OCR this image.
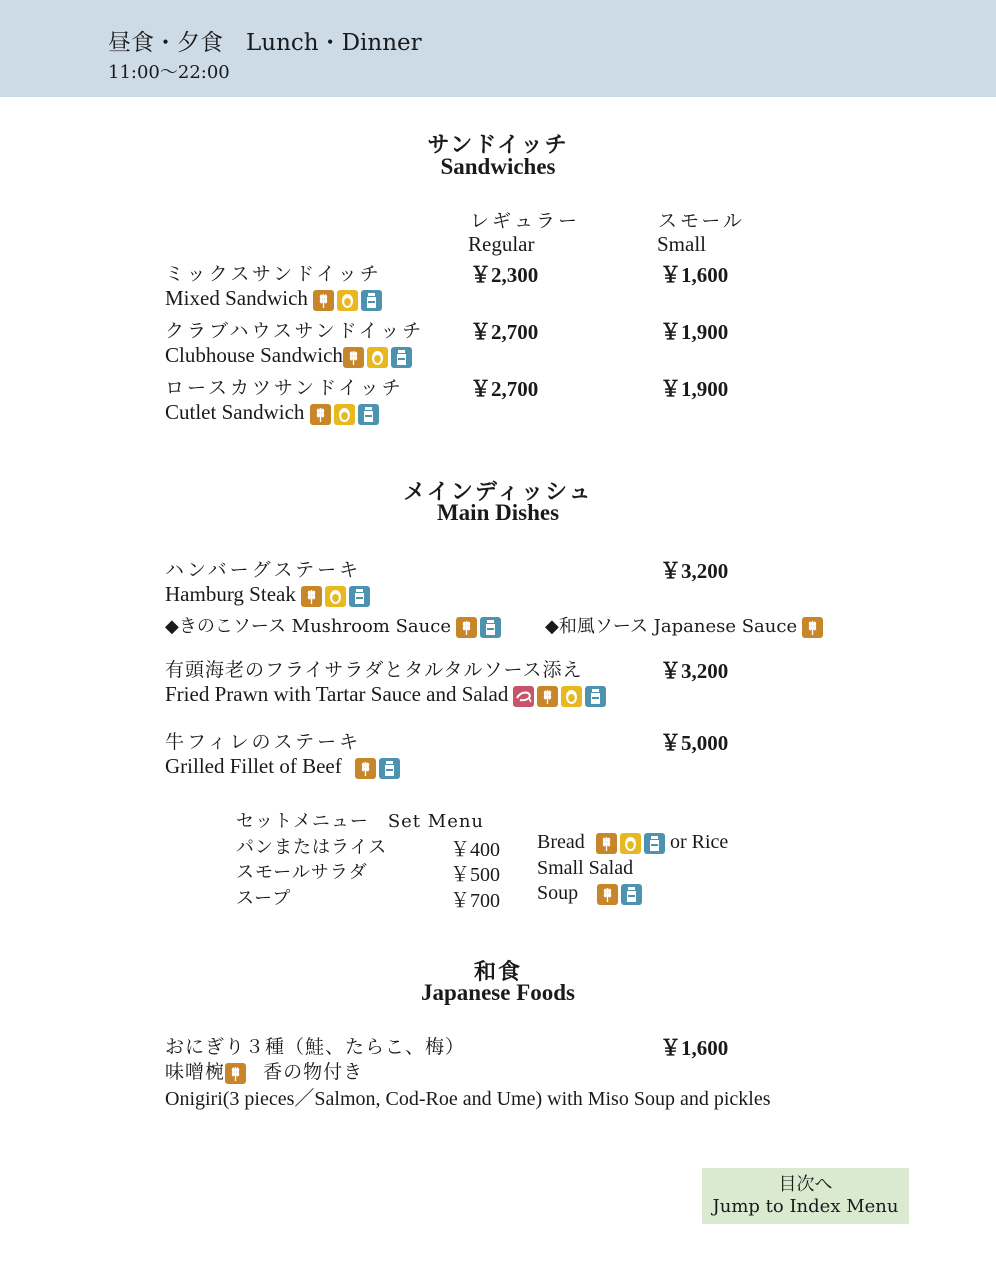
昼食・夕食　Lunch・Dinner
11:00〜22:00
サンドイッチ
Sandwiches
レギュラー
Regular
スモール
Small
ミックスサンドイッチ	￥2,300	￥1,600
Mixed Sandwich
クラブハウスサンドイッチ ￥2,700	￥1,900
Clubhouse Sandwich
ロースカツサンドイッチ	￥2,700	￥1,900
Cutlet Sandwich
メインディッシュ
Main Dishes
ハンバーグステーキ	￥3,200
Hamburg Steak
◆きのこソース Mushroom Sauce	◆和風ソース Japanese Sauce
有頭海老のフライサラダとタルタルソース添え	￥3,200
Fried Prawn with Tartar Sauce and Salad
牛フィレのステーキ	￥5,000
Grilled Fillet of Beef
セットメニュー　Set Menu
パンまたはライス	￥400 Bread	or Rice
スモールサラダ	￥500 Small Salad
スープ	￥700 Soup
和食
Japanese Foods
おにぎり３種（鮭、たらこ、梅）	￥1,600
味噌椀 香の物付き
Onigiri(3 pieces／Salmon, Cod-Roe and Ume) with Miso Soup and pickles
目次へ
Jump to Index Menu
